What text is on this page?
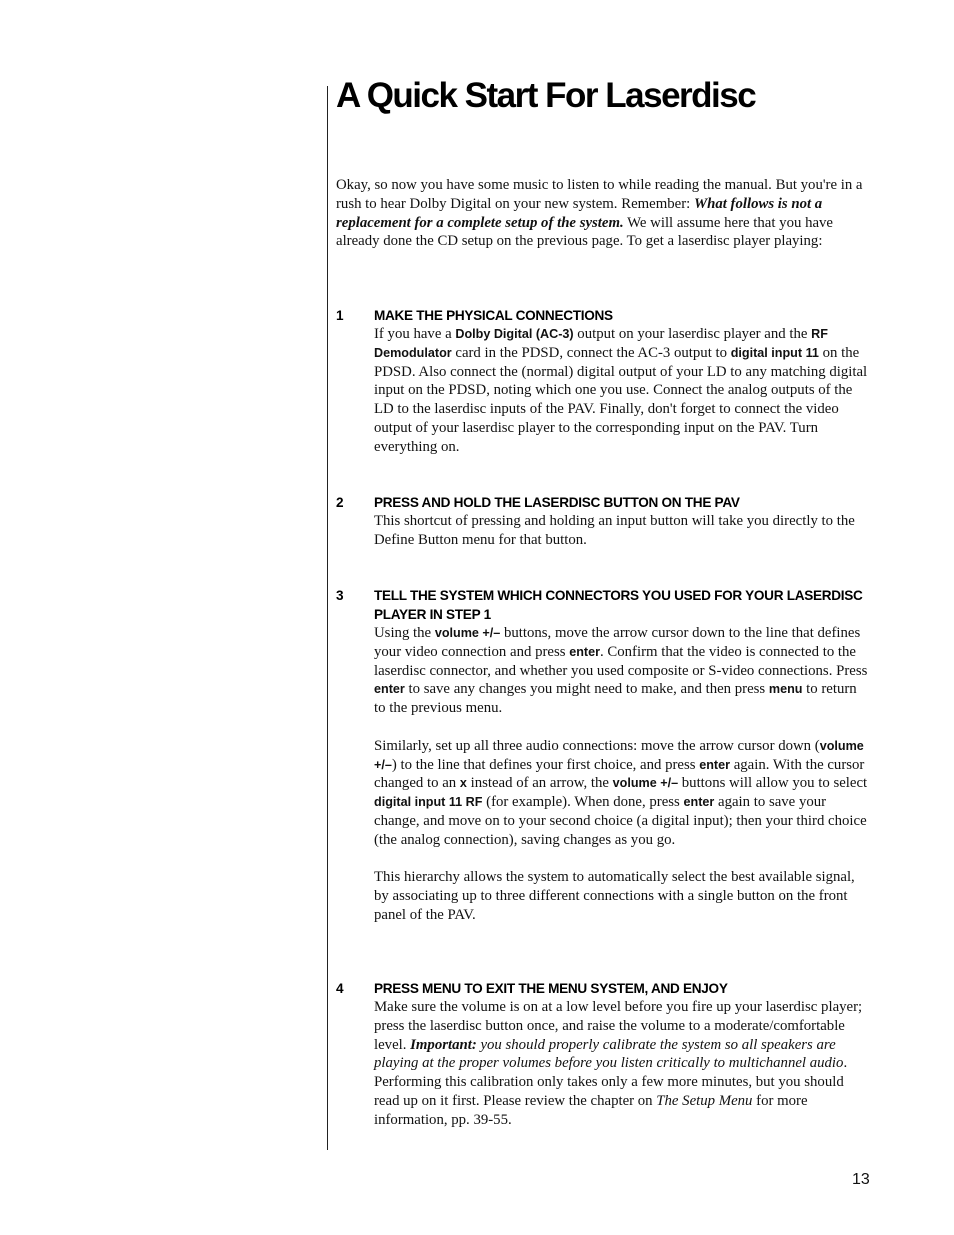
A Quick Start For Laserdisc

Okay, so now you have some music to listen to while reading the manual. But you're in a rush to hear Dolby Digital on your new system. Remember: What follows is not a replacement for a complete setup of the system. We will assume here that you have already done the CD setup on the previous page. To get a laserdisc player playing:

1 MAKE THE PHYSICAL CONNECTIONS

If you have a Dolby Digital (AC-3) output on your laserdisc player and the RF Demodulator card in the PDSD, connect the AC-3 output to digital input 11 on the PDSD. Also connect the (normal) digital output of your LD to any matching digital input on the PDSD, noting which one you use. Connect the analog outputs of the LD to the laserdisc inputs of the PAV. Finally, don't forget to connect the video output of your laserdisc player to the corresponding input on the PAV. Turn everything on.

2 PRESS AND HOLD THE LASERDISC BUTTON ON THE PAV

This shortcut of pressing and holding an input button will take you directly to the Define Button menu for that button.

3 TELL THE SYSTEM WHICH CONNECTORS YOU USED FOR YOUR LASERDISC PLAYER IN STEP 1

Using the volume +/– buttons, move the arrow cursor down to the line that defines your video connection and press enter. Confirm that the video is connected to the laserdisc connector, and whether you used composite or S-video connections. Press enter to save any changes you might need to make, and then press menu to return to the previous menu.

Similarly, set up all three audio connections: move the arrow cursor down (volume +/–) to the line that defines your first choice, and press enter again. With the cursor changed to an x instead of an arrow, the volume +/– buttons will allow you to select digital input 11 RF (for example). When done, press enter again to save your change, and move on to your second choice (a digital input); then your third choice (the analog connection), saving changes as you go.

This hierarchy allows the system to automatically select the best available signal, by associating up to three different connections with a single button on the front panel of the PAV.

4 PRESS MENU TO EXIT THE MENU SYSTEM, AND ENJOY

Make sure the volume is on at a low level before you fire up your laserdisc player; press the laserdisc button once, and raise the volume to a moderate/comfortable level. Important: you should properly calibrate the system so all speakers are playing at the proper volumes before you listen critically to multichannel audio. Performing this calibration only takes only a few more minutes, but you should read up on it first. Please review the chapter on The Setup Menu for more information, pp. 39-55.

13
